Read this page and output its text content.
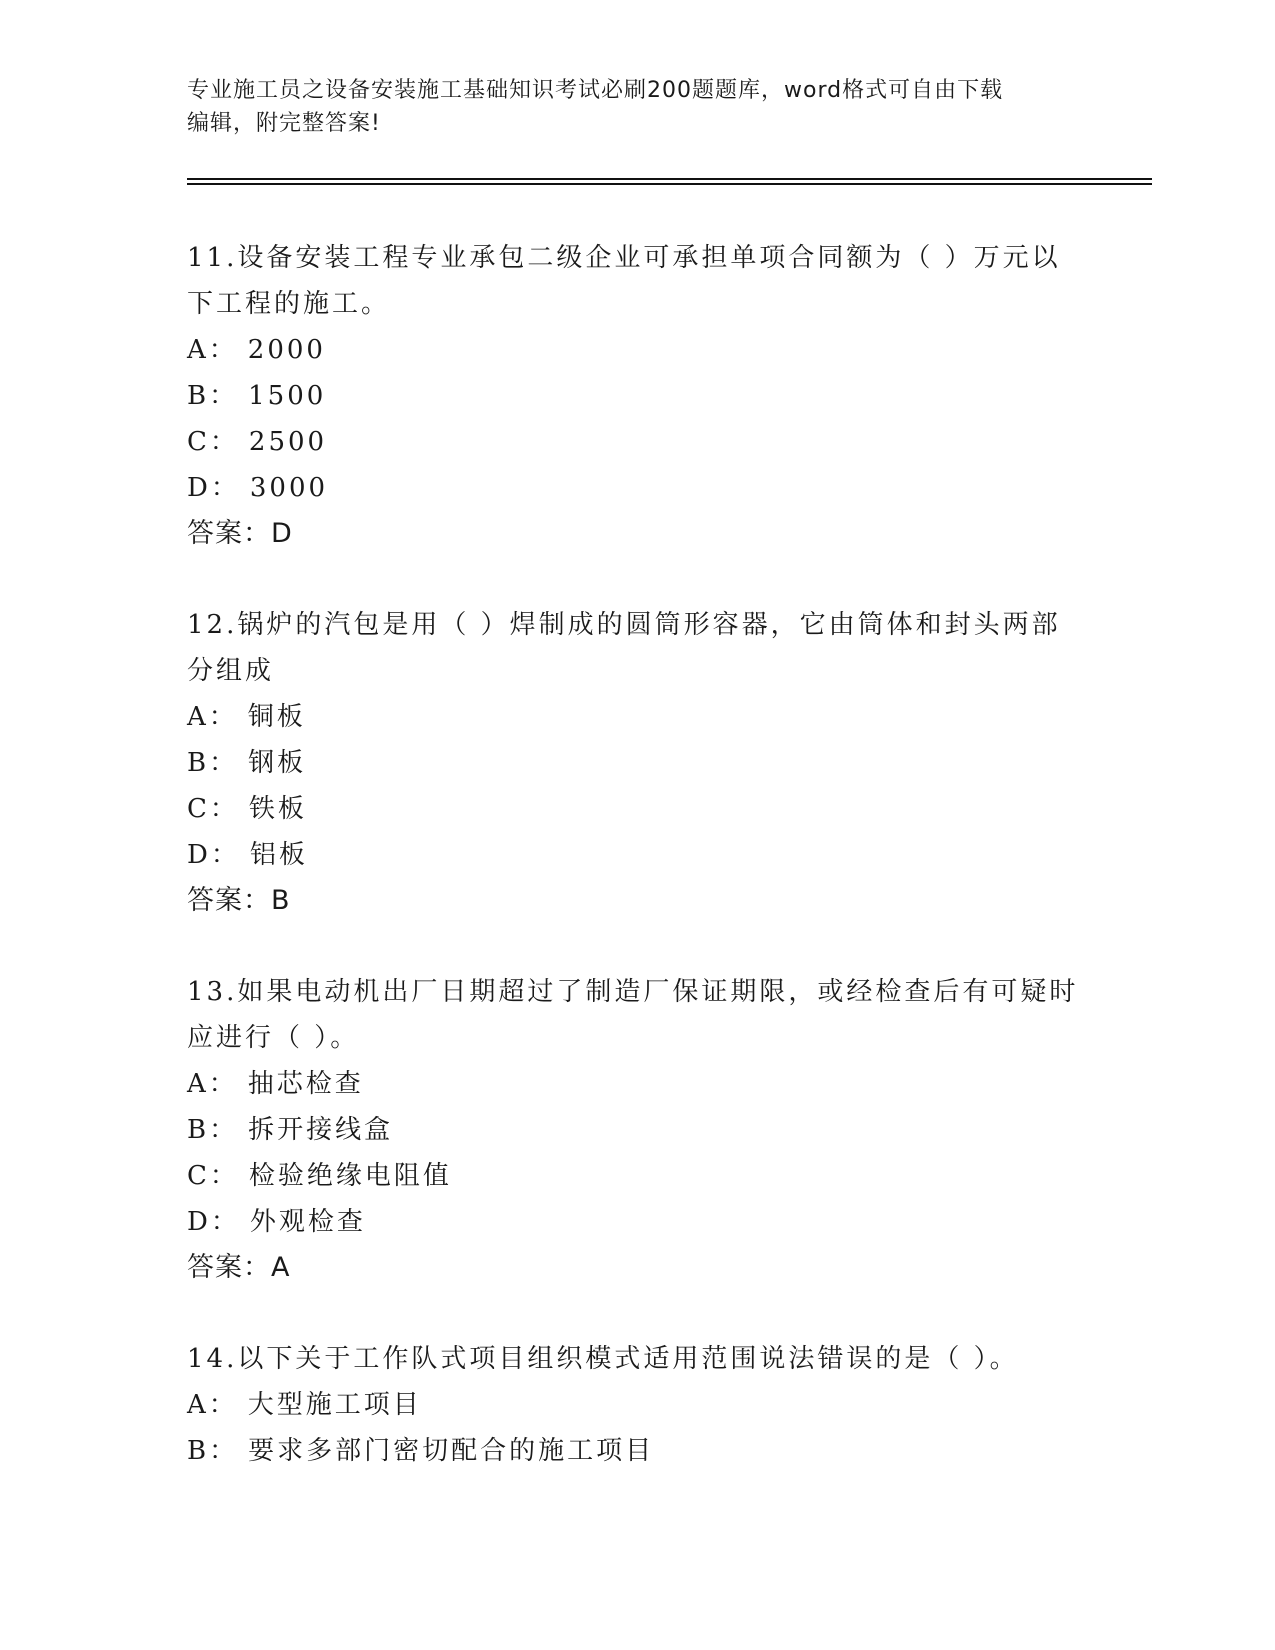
专业施工员之设备安装施工基础知识考试必刷200题题库，word格式可自由下载
编辑，附完整答案!

11.设备安装工程专业承包二级企业可承担单项合同额为（ ）万元以

下工程的施工。

A： 2000

B： 1500

C： 2500

D： 3000

答案：D

12.锅炉的汽包是用（ ）焊制成的圆筒形容器，它由筒体和封头两部

分组成

A： 铜板

B： 钢板

C： 铁板

D： 铝板

答案：B

13.如果电动机出厂日期超过了制造厂保证期限，或经检查后有可疑时

应进行（ ）。

A： 抽芯检查

B： 拆开接线盒

C： 检验绝缘电阻值

D： 外观检查

答案：A

14.以下关于工作队式项目组织模式适用范围说法错误的是（ ）。

A： 大型施工项目

B： 要求多部门密切配合的施工项目
